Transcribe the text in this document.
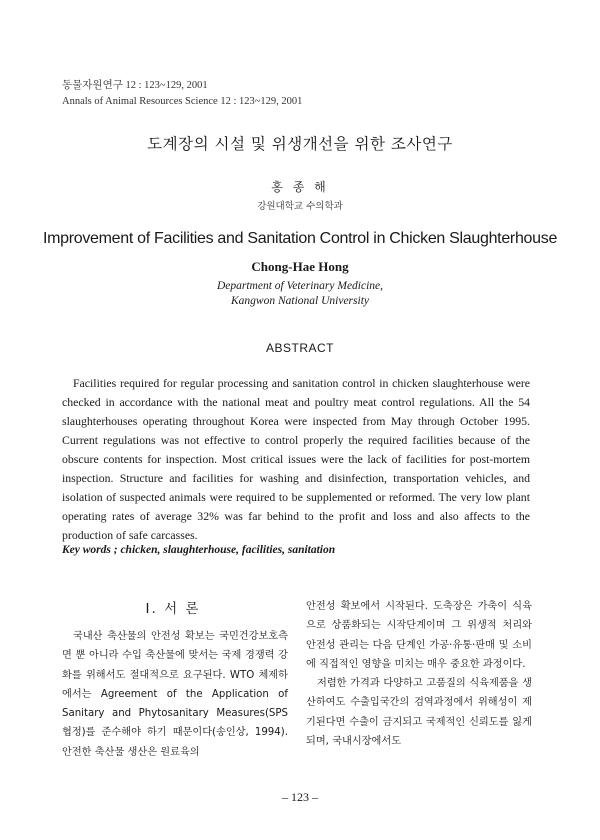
동물자원연구 12 : 123~129, 2001
Annals of Animal Resources Science 12 : 123~129, 2001
도계장의 시설 및 위생개선을 위한 조사연구
홍 종 해
강원대학교 수의학과
Improvement of Facilities and Sanitation Control in Chicken Slaughterhouse
Chong-Hae Hong
Department of Veterinary Medicine,
Kangwon National University
ABSTRACT
Facilities required for regular processing and sanitation control in chicken slaughterhouse were checked in accordance with the national meat and poultry meat control regulations. All the 54 slaughterhouses operating throughout Korea were inspected from May through October 1995. Current regulations was not effective to control properly the required facilities because of the obscure contents for inspection. Most critical issues were the lack of facilities for post-mortem inspection. Structure and facilities for washing and disinfection, transportation vehicles, and isolation of suspected animals were required to be supplemented or reformed. The very low plant operating rates of average 32% was far behind to the profit and loss and also affects to the production of safe carcasses.
Key words ; chicken, slaughterhouse, facilities, sanitation
Ⅰ. 서 론

국내산 축산물의 안전성 확보는 국민건강보호측면 뿐 아니라 수입 축산물에 맞서는 국제 경쟁력 강화를 위해서도 절대적으로 요구된다. WTO 체제하에서는 Agreement of the Application of Sanitary and Phytosanitary Measures(SPS 협정)를 준수해야 하기 때문이다(송인상, 1994). 안전한 축산물 생산은 원료육의

안전성 확보에서 시작된다. 도축장은 가축이 식육으로 상품화되는 시작단계이며 그 위생적 처리와 안전성 관리는 다음 단계인 가공·유통·판매 및 소비에 직접적인 영향을 미치는 매우 중요한 과정이다.

저렴한 가격과 다양하고 고품질의 식육제품을 생산하여도 수출입국간의 검역과정에서 위해성이 제기된다면 수출이 금지되고 국제적인 신뢰도를 잃게 되며, 국내시장에서도

– 123 –
